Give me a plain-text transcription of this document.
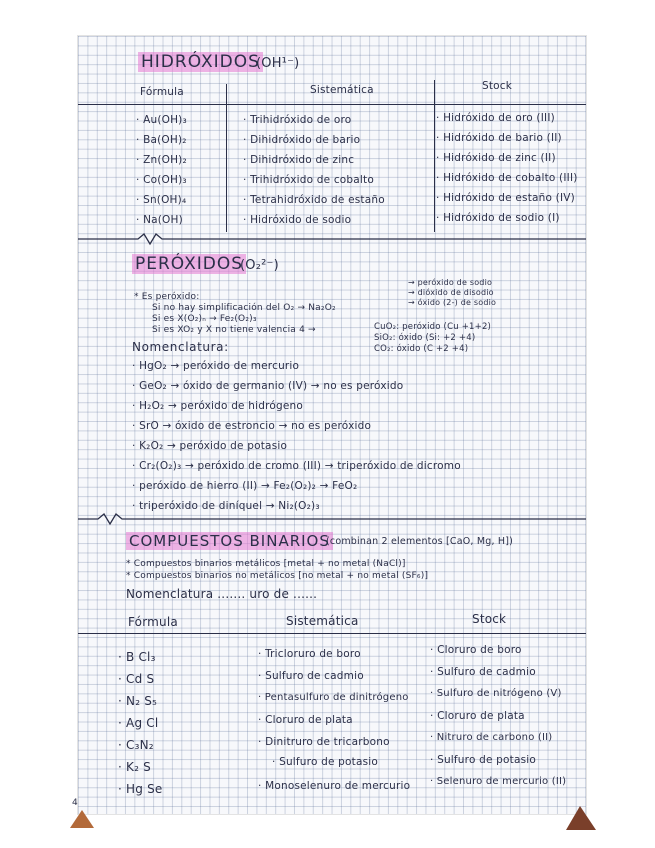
HIDRÓXIDOS
(OH¹⁻)
Fórmula	Sistemática	Stock
· Au(OH)₃	· Trihidróxido de oro	· Hidróxido de oro (III)
· Ba(OH)₂	· Dihidróxido de bario	· Hidróxido de bario (II)
· Zn(OH)₂	· Dihidróxido de zinc	· Hidróxido de zinc (II)
· Co(OH)₃	· Trihidróxido de cobalto	· Hidróxido de cobalto (III)
· Sn(OH)₄	· Tetrahidróxido de estaño	· Hidróxido de estaño (IV)
· Na(OH)	· Hidróxido de sodio	· Hidróxido de sodio (I)
PERÓXIDOS
(O₂²⁻)
→ peróxido de sodio
→ dióxido de disodio
→ óxido (2-) de sodio
* Es peróxido:
Si no hay simplificación del O₂ → Na₂O₂
Si es X(O₂)ₙ → Fe₂(O₂)₃
Si es XO₂ y X no tiene valencia 4 →	CuO₂: peróxido (Cu +1+2)
SiO₂: óxido (Si: +2 +4)
CO₂: óxido (C +2 +4)
Nomenclatura:
· HgO₂ → peróxido de mercurio
· GeO₂ → óxido de germanio (IV) → no es peróxido
· H₂O₂ → peróxido de hidrógeno
· SrO → óxido de estroncio → no es peróxido
· K₂O₂ → peróxido de potasio
· Cr₂(O₂)₃ → peróxido de cromo (III) → triperóxido de dicromo
· peróxido de hierro (II) → Fe₂(O₂)₂ → FeO₂
· triperóxido de diníquel → Ni₂(O₂)₃
COMPUESTOS BINARIOS
(combinan 2 elementos [CaO, Mg, H])
* Compuestos binarios metálicos [metal + no metal (NaCl)]
* Compuestos binarios no metálicos [no metal + no metal (SF₆)]
Nomenclatura ....... uro de ......
Fórmula	Sistemática	Stock
· B Cl₃	· Tricloruro de boro	· Cloruro de boro
· Cd S	· Sulfuro de cadmio	· Sulfuro de cadmio
· N₂ S₅	· Pentasulfuro de dinitrógeno · Sulfuro de nitrógeno (V)
· Ag Cl	· Cloruro de plata	· Cloruro de plata
· C₃N₂	· Dinitruro de tricarbono	· Nitruro de carbono (II)
· K₂ S	· Sulfuro de potasio	· Sulfuro de potasio
· Hg Se	· Monoselenuro de mercurio · Selenuro de mercurio (II)
4
